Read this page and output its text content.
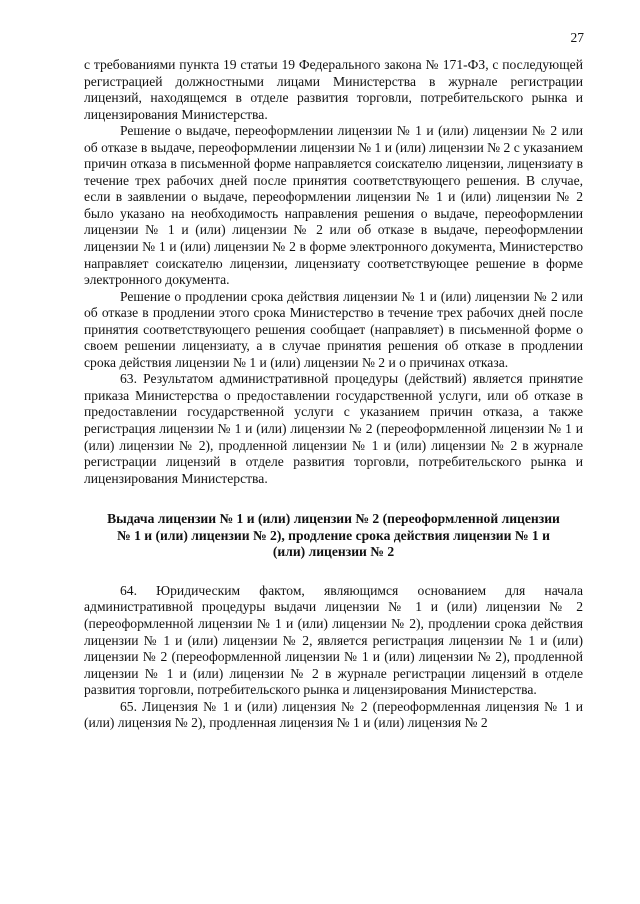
27

с требованиями пункта 19 статьи 19 Федерального закона № 171-ФЗ, с последующей регистрацией должностными лицами Министерства в журнале регистрации лицензий, находящемся в отделе развития торговли, потребительского рынка и лицензирования Министерства.

Решение о выдаче, переоформлении лицензии № 1 и (или) лицензии № 2 или об отказе в выдаче, переоформлении лицензии № 1 и (или) лицензии № 2 с указанием причин отказа в письменной форме направляется соискателю лицензии, лицензиату в течение трех рабочих дней после принятия соответствующего решения. В случае, если в заявлении о выдаче, переоформлении лицензии № 1 и (или) лицензии № 2 было указано на необходимость направления решения о выдаче, переоформлении лицензии № 1 и (или) лицензии № 2 или об отказе в выдаче, переоформлении лицензии № 1 и (или) лицензии № 2 в форме электронного документа, Министерство направляет соискателю лицензии, лицензиату соответствующее решение в форме электронного документа.

Решение о продлении срока действия лицензии № 1 и (или) лицензии № 2 или об отказе в продлении этого срока Министерство в течение трех рабочих дней после принятия соответствующего решения сообщает (направляет) в письменной форме о своем решении лицензиату, а в случае принятия решения об отказе в продлении срока действия лицензии № 1 и (или) лицензии № 2 и о причинах отказа.

63. Результатом административной процедуры (действий) является принятие приказа Министерства о предоставлении государственной услуги, или об отказе в предоставлении государственной услуги с указанием причин отказа, а также регистрация лицензии № 1 и (или) лицензии № 2 (переоформленной лицензии № 1 и (или) лицензии № 2), продленной лицензии № 1 и (или) лицензии № 2 в журнале регистрации лицензий в отделе развития торговли, потребительского рынка и лицензирования Министерства.

Выдача лицензии № 1 и (или) лицензии № 2 (переоформленной лицензии № 1 и (или) лицензии № 2), продление срока действия лицензии № 1 и (или) лицензии № 2

64. Юридическим фактом, являющимся основанием для начала административной процедуры выдачи лицензии № 1 и (или) лицензии № 2 (переоформленной лицензии № 1 и (или) лицензии № 2), продлении срока действия лицензии № 1 и (или) лицензии № 2, является регистрация лицензии № 1 и (или) лицензии № 2 (переоформленной лицензии № 1 и (или) лицензии № 2), продленной лицензии № 1 и (или) лицензии № 2 в журнале регистрации лицензий в отделе развития торговли, потребительского рынка и лицензирования Министерства.

65. Лицензия № 1 и (или) лицензия № 2 (переоформленная лицензия № 1 и (или) лицензия № 2), продленная лицензия № 1 и (или) лицензия № 2
